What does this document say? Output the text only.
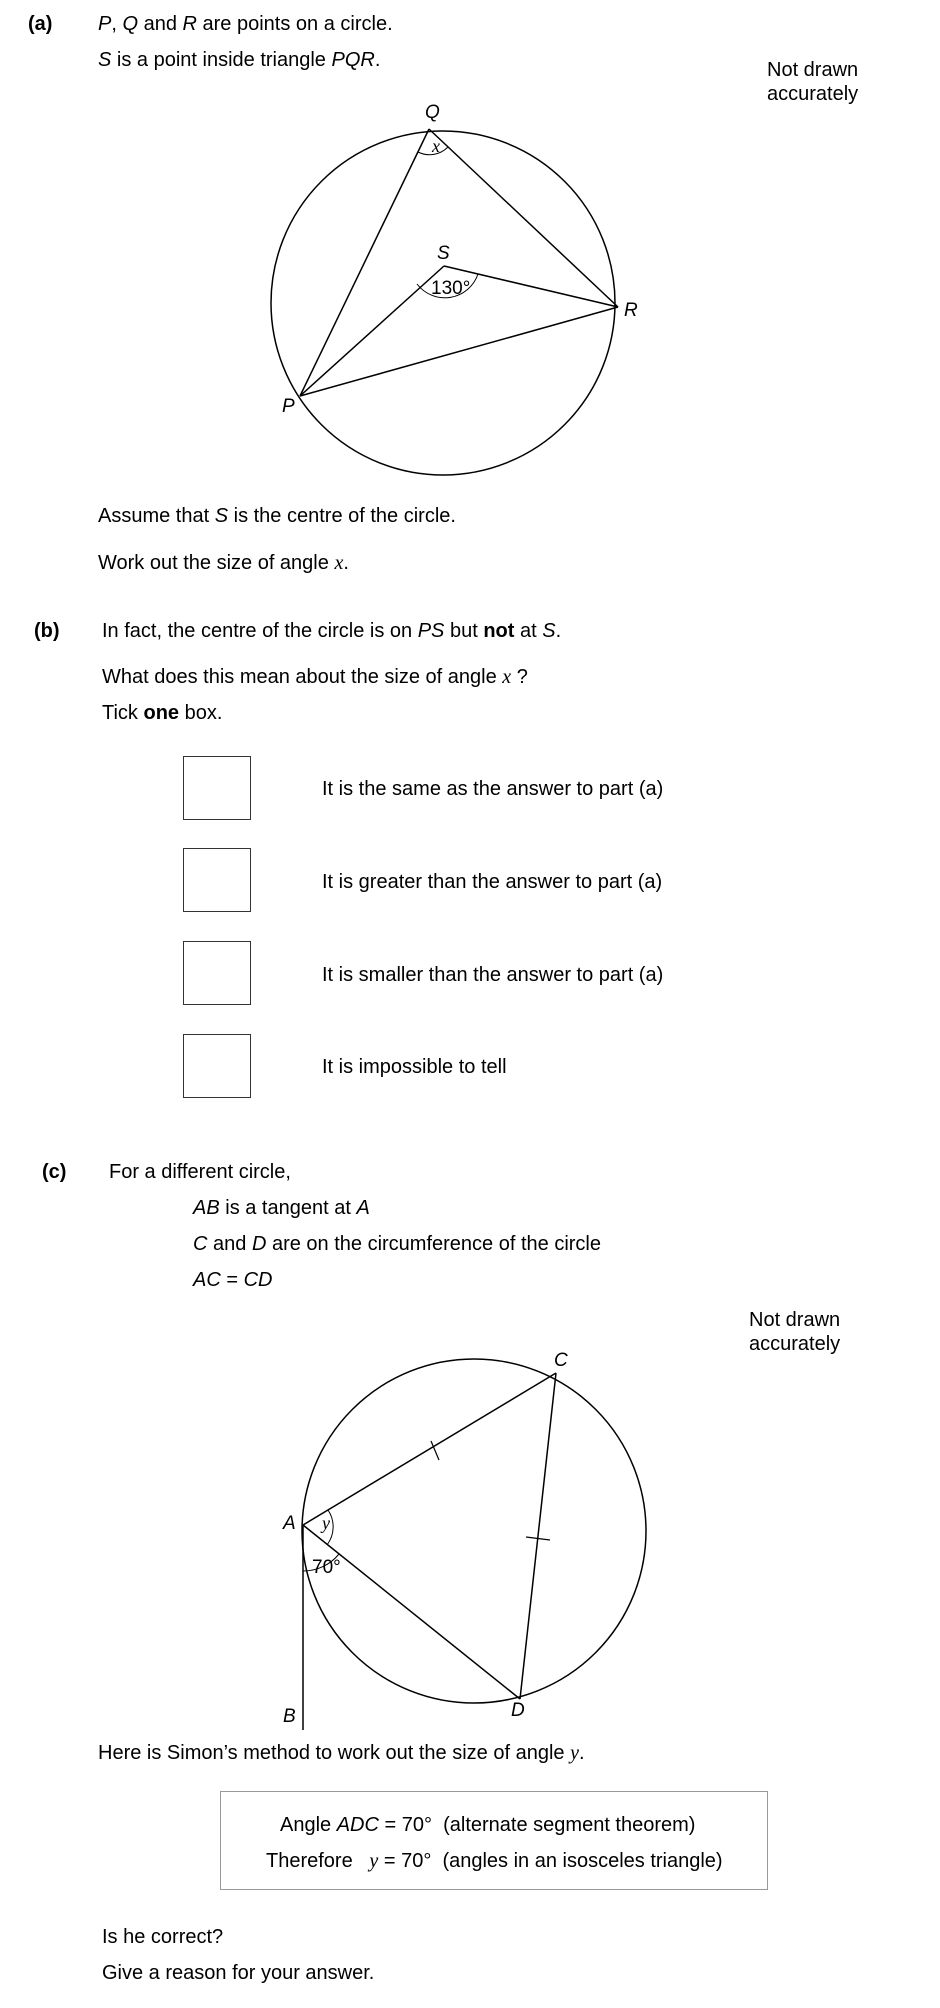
(a) P, Q and R are points on a circle.
S is a point inside triangle PQR.	Not drawn
accurately
Q
x
S
130°
R
P
Assume that S is the centre of the circle.
Work out the size of angle x.
(b) In fact, the centre of the circle is on PS but not at S.
What does this mean about the size of angle x ?
Tick one box.
It is the same as the answer to part (a)
It is greater than the answer to part (a)
It is smaller than the answer to part (a)
It is impossible to tell
(c) For a different circle,
AB is a tangent at A
C and D are on the circumference of the circle
AC = CD
Not drawn
accurately
C
A y
70°
D
B
Here is Simon’s method to work out the size of angle y.
Angle ADC = 70°  (alternate segment theorem)
Therefore   y = 70°  (angles in an isosceles triangle)
Is he correct?
Give a reason for your answer.
